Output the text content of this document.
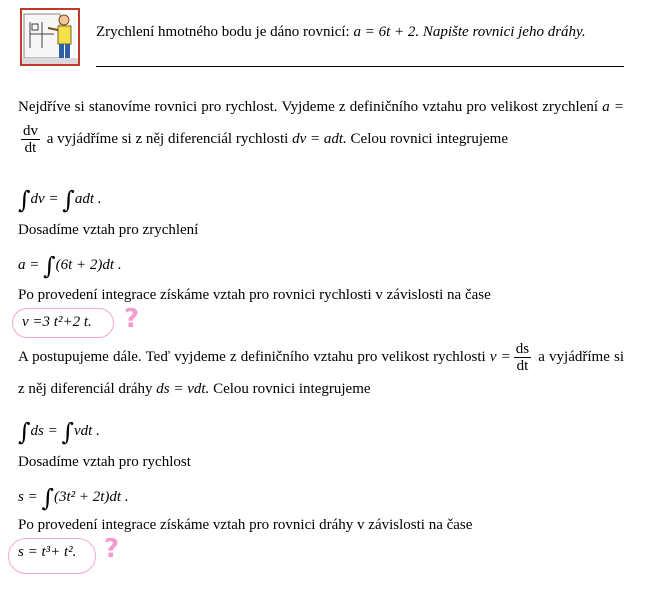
Zrychlení hmotného bodu je dáno rovnicí: a = 6t + 2. Napište rovnici jeho dráhy.
Nejdříve si stanovíme rovnici pro rychlost. Vyjdeme z definičního vztahu pro velikost zrychlení a =
$\frac{dv}{dt}$ a vyjádříme si z něj diferenciál rychlosti dv = adt. Celou rovnici integrujeme
∫dv = ∫adt .
Dosadíme vztah pro zrychlení
a = ∫(6t + 2)dt .
Po provedení integrace získáme vztah pro rovnici rychlosti v závislosti na čase
v =3 t²+2 t. ?
A postupujeme dále. Teď vyjdeme z definičního vztahu pro velikost rychlosti $v = \frac{ds}{dt}$ a vyjádříme si z něj diferenciál dráhy ds = vdt. Celou rovnici integrujeme
∫ds = ∫vdt .
Dosadíme vztah pro rychlost
s = ∫(3t² + 2t)dt .
Po provedení integrace získáme vztah pro rovnici dráhy v závislosti na čase
s = t³+ t². ?
